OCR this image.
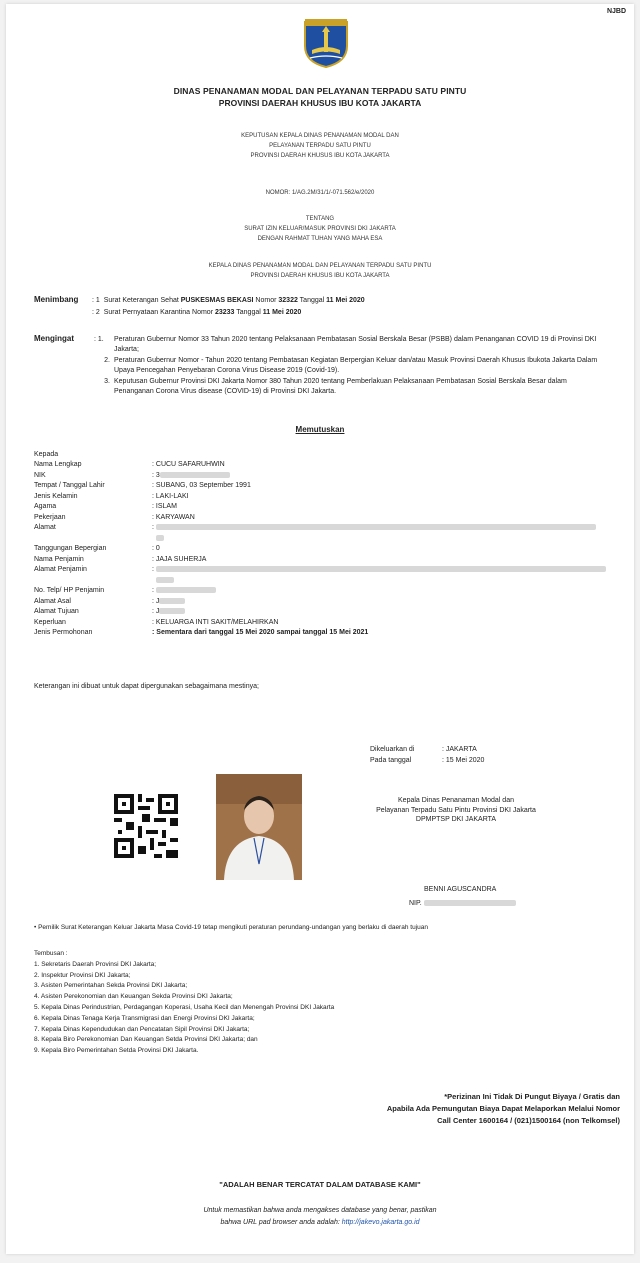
NJBD
DINAS PENANAMAN MODAL DAN PELAYANAN TERPADU SATU PINTU
PROVINSI DAERAH KHUSUS IBU KOTA JAKARTA
KEPUTUSAN KEPALA DINAS PENANAMAN MODAL DAN
PELAYANAN TERPADU SATU PINTU
PROVINSI DAERAH KHUSUS IBU KOTA JAKARTA
NOMOR: 1/AG.2M/31/1/-071.562/e/2020
TENTANG
SURAT IZIN KELUAR/MASUK PROVINSI DKI JAKARTA
DENGAN RAHMAT TUHAN YANG MAHA ESA
KEPALA DINAS PENANAMAN MODAL DAN PELAYANAN TERPADU SATU PINTU
PROVINSI DAERAH KHUSUS IBU KOTA JAKARTA
Menimbang : 1 Surat Keterangan Sehat PUSKESMAS BEKASI Nomor 32322 Tanggal 11 Mei 2020
: 2 Surat Pernyataan Karantina Nomor 23233 Tanggal 11 Mei 2020
Mengingat	: 1.	Peraturan Gubernur Nomor 33 Tahun 2020 tentang Pelaksanaan Pembatasan Sosial Berskala Besar (PSBB) dalam Penanganan COVID 19 di Provinsi DKI Jakarta;
2. Peraturan Gubernur Nomor - Tahun 2020 tentang Pembatasan Kegiatan Berpergian Keluar dan/atau Masuk Provinsi Daerah Khusus Ibukota Jakarta Dalam Upaya Pencegahan Penyebaran Corona Virus Disease 2019 (Covid-19).
3. Keputusan Gubernur Provinsi DKI Jakarta Nomor 380 Tahun 2020 tentang Pemberlakuan Pelaksanaan Pembatasan Sosial Berskala Besar dalam Penanganan Corona Virus disease (COVID-19) di Provinsi DKI Jakarta.
Memutuskan
Kepada
Nama Lengkap	: CUCU SAFARUHWIN
NIK	: 3
Tempat / Tanggal Lahir	: SUBANG, 03 September 1991
Jenis Kelamin	: LAKI-LAKI
Agama	: ISLAM
Pekerjaan	: KARYAWAN
Alamat	:

Tanggungan Bepergian	: 0
Nama Penjamin	: JAJA SUHERJA
Alamat Penjamin	:

No. Telp/ HP Penjamin	:
Alamat Asal	: J
Alamat Tujuan	: J
Keperluan	: KELUARGA INTI SAKIT/MELAHIRKAN
Jenis Permohonan	: Sementara dari tanggal 15 Mei 2020 sampai tanggal 15 Mei 2021
Keterangan ini dibuat untuk dapat dipergunakan sebagaimana mestinya;
Dikeluarkan di	: JAKARTA
Pada tanggal	: 15 Mei 2020
Kepala Dinas Penanaman Modal dan
Pelayanan Terpadu Satu Pintu Provinsi DKI Jakarta
DPMPTSP DKI JAKARTA
BENNI AGUSCANDRA
NIP.
• Pemilik Surat Keterangan Keluar Jakarta Masa Covid-19 tetap mengikuti peraturan perundang-undangan yang berlaku di daerah tujuan
Tembusan :
1. Sekretaris Daerah Provinsi DKI Jakarta;
2. Inspektur Provinsi DKI Jakarta;
3. Asisten Pemerintahan Sekda Provinsi DKI Jakarta;
4. Asisten Perekonomian dan Keuangan Sekda Provinsi DKI Jakarta;
5. Kepala Dinas Perindustrian, Perdagangan Koperasi, Usaha Kecil dan Menengah Provinsi DKI Jakarta
6. Kepala Dinas Tenaga Kerja Transmigrasi dan Energi Provinsi DKI Jakarta;
7. Kepala Dinas Kependudukan dan Pencatatan Sipil Provinsi DKI Jakarta;
8. Kepala Biro Perekonomian Dan Keuangan Setda Provinsi DKI Jakarta; dan
9. Kepala Biro Pemerintahan Setda Provinsi DKI Jakarta.
*Perizinan Ini Tidak Di Pungut Biyaya / Gratis dan
Apabila Ada Pemungutan Biaya Dapat Melaporkan Melalui Nomor
Call Center 1600164 / (021)1500164 (non Telkomsel)
"ADALAH BENAR TERCATAT DALAM DATABASE KAMI"
Untuk memastikan bahwa anda mengakses database yang benar, pastikan
bahwa URL pad browser anda adalah: http://jakevo.jakarta.go.id
